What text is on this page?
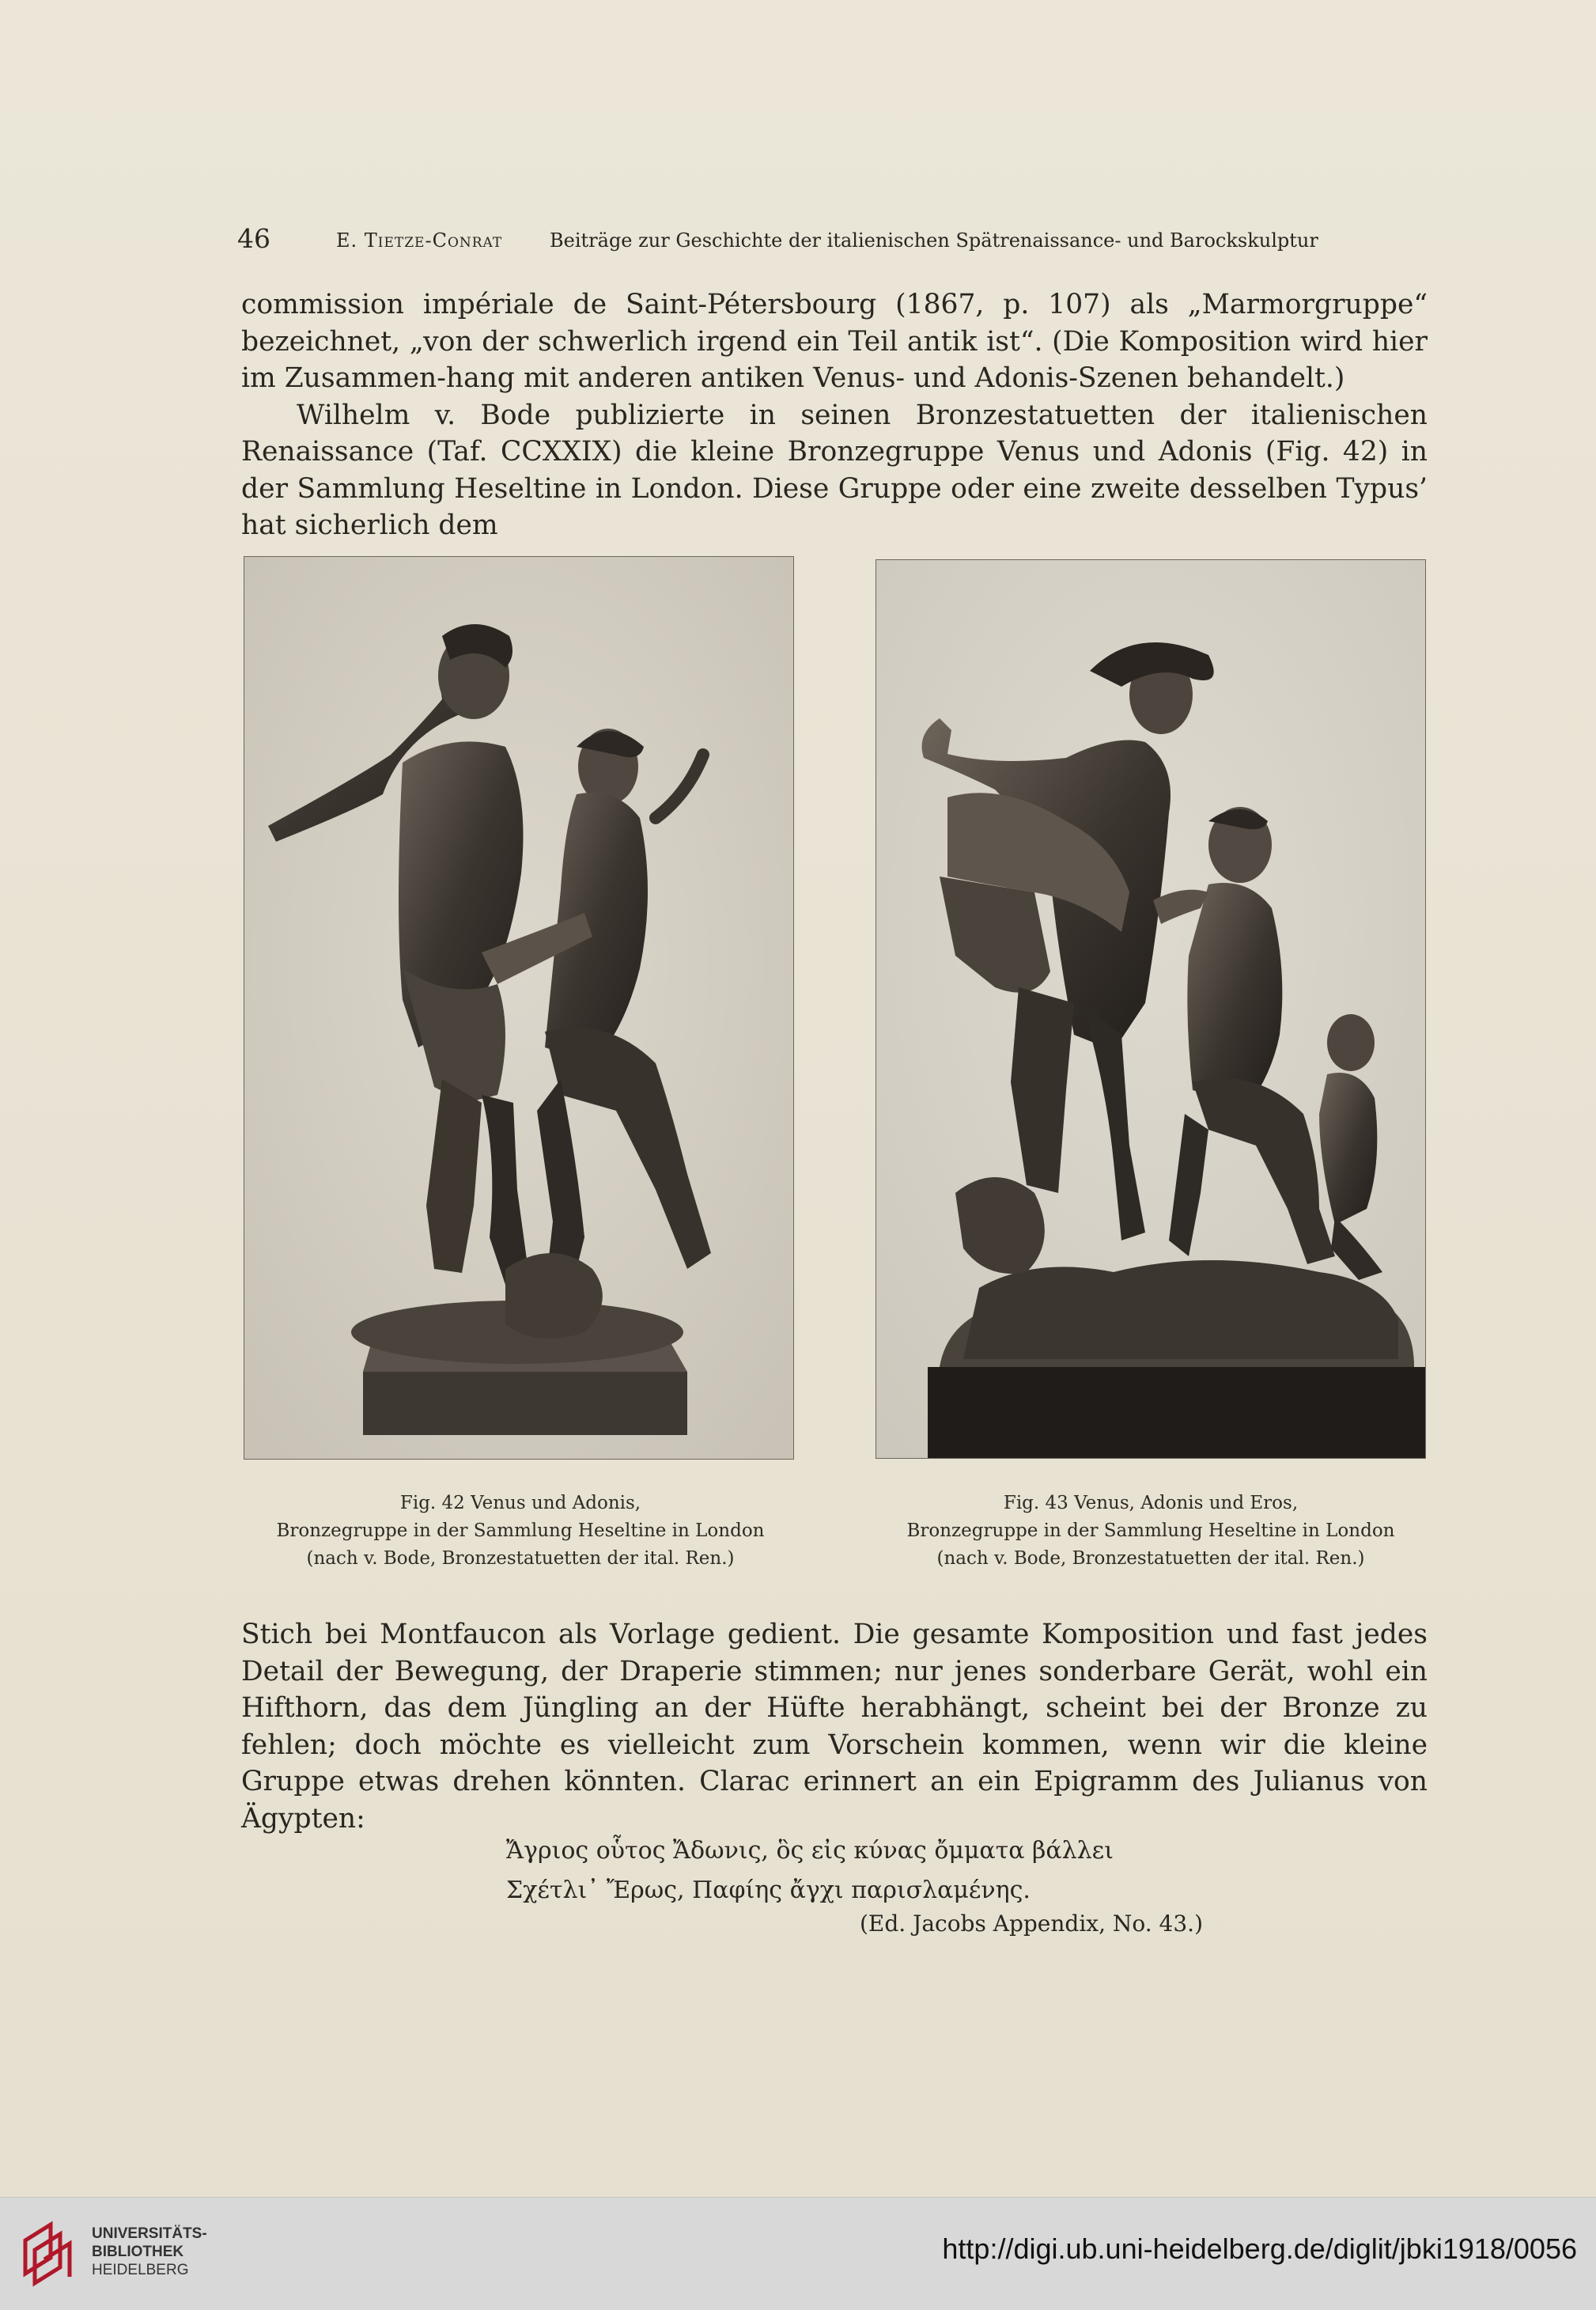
46	E. Tietze-Conrat Beiträge zur Geschichte der italienischen Spätrenaissance- und Barockskulptur

commission impériale de Saint-Pétersbourg (1867, p. 107) als „Marmorgruppe“ bezeichnet, „von der schwerlich irgend ein Teil antik ist“. (Die Komposition wird hier im Zusammen-hang mit anderen antiken Venus- und Adonis-Szenen behandelt.)

Wilhelm v. Bode publizierte in seinen Bronzestatuetten der italienischen Renaissance (Taf. CCXXIX) die kleine Bronzegruppe Venus und Adonis (Fig. 42) in der Sammlung Heseltine in London. Diese Gruppe oder eine zweite desselben Typus’ hat sicherlich dem

Fig. 42 Venus und Adonis,
Bronzegruppe in der Sammlung Heseltine in London
(nach v. Bode, Bronzestatuetten der ital. Ren.)
Fig. 43 Venus, Adonis und Eros,
Bronzegruppe in der Sammlung Heseltine in London
(nach v. Bode, Bronzestatuetten der ital. Ren.)

Stich bei Montfaucon als Vorlage gedient. Die gesamte Komposition und fast jedes Detail der Bewegung, der Draperie stimmen; nur jenes sonderbare Gerät, wohl ein Hifthorn, das dem Jüngling an der Hüfte herabhängt, scheint bei der Bronze zu fehlen; doch möchte es vielleicht zum Vorschein kommen, wenn wir die kleine Gruppe etwas drehen könnten. Clarac erinnert an ein Epigramm des Julianus von Ägypten:

Ἄγριος οὗτος Ἄδωνις, ὃς εἰς κύνας ὄμματα βάλλει
Σχέτλι᾽ Ἔρως, Παφίης ἄγχι παρισλαμένης.
(Ed. Jacobs Appendix, No. 43.)
UNIVERSITÄTS-
BIBLIOTHEK
HEIDELBERG
http://digi.ub.uni-heidelberg.de/diglit/jbki1918/0056
